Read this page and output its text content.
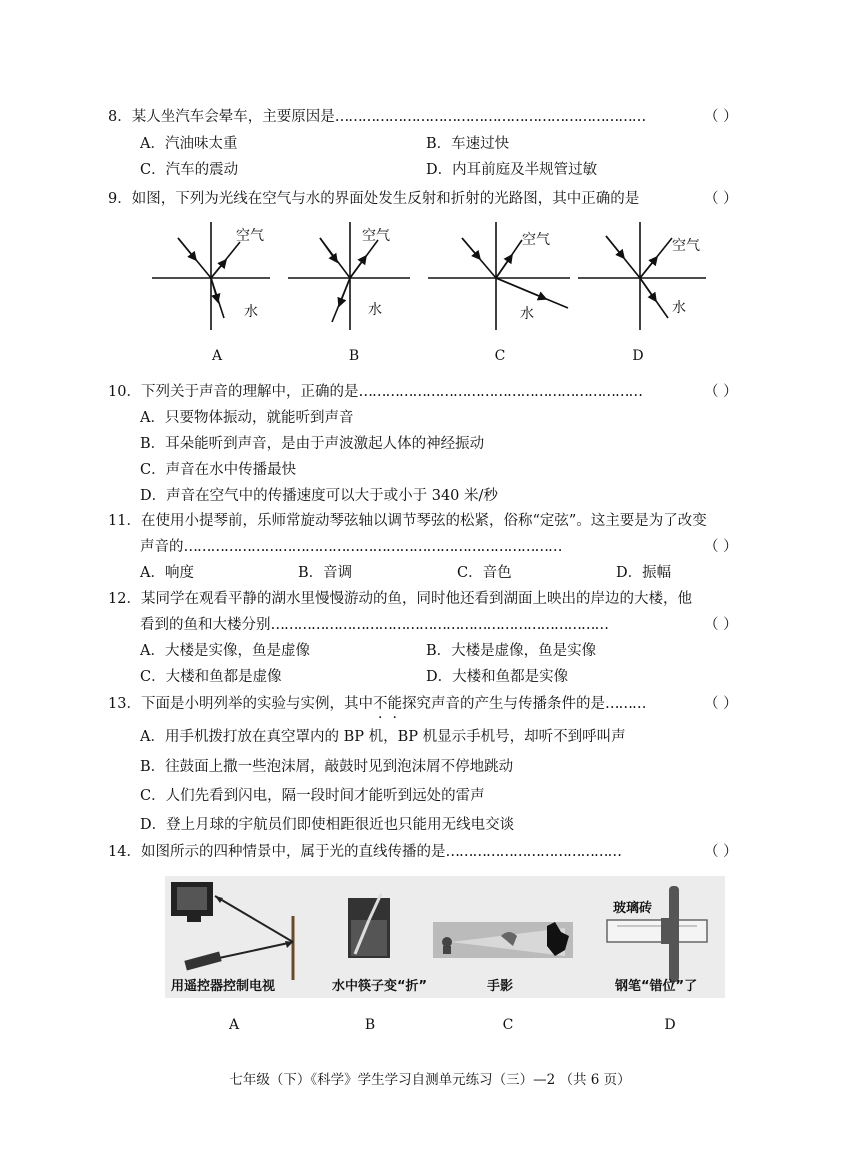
8．某人坐汽车会晕车，主要原因是……………………………………………………………	（ ）
A．汽油味太重	B．车速过快
C．汽车的震动	D．内耳前庭及半规管过敏
9．如图，下列为光线在空气与水的界面处发生反射和折射的光路图，其中正确的是	（ ）
空气
水
空气
水
空气
水
空气
水
A	B	C	D
10．下列关于声音的理解中，正确的是………………………………………………………	（ ）
A．只要物体振动，就能听到声音
B．耳朵能听到声音，是由于声波激起人体的神经振动
C．声音在水中传播最快
D．声音在空气中的传播速度可以大于或小于 340 米/秒
11．在使用小提琴前，乐师常旋动琴弦轴以调节琴弦的松紧，俗称“定弦”。这主要是为了改变
声音的…………………………………………………………………………	（ ）
A．响度	B．音调	C．音色	D．振幅
12．某同学在观看平静的湖水里慢慢游动的鱼，同时他还看到湖面上映出的岸边的大楼，他
看到的鱼和大楼分别…………………………………………………………………	（ ）
A．大楼是实像，鱼是虚像	B．大楼是虚像，鱼是实像
C．大楼和鱼都是虚像	D．大楼和鱼都是实像
13．下面是小明列举的实验与实例，其中不能探究声音的产生与传播条件的是………	（ ）
A．用手机拨打放在真空罩内的 BP 机，BP 机显示手机号，却听不到呼叫声
B．往鼓面上撒一些泡沫屑，敲鼓时见到泡沫屑不停地跳动
C．人们先看到闪电，隔一段时间才能听到远处的雷声
D．登上月球的宇航员们即使相距很近也只能用无线电交谈
14．如图所示的四种情景中，属于光的直线传播的是…………………………………	（ ）
用遥控器控制电视	水中筷子变“折”	手影
玻璃砖
钢笔“错位”了
A	B	C	D
七年级（下）《科学》学生学习自测单元练习（三）—2 （共 6 页）
